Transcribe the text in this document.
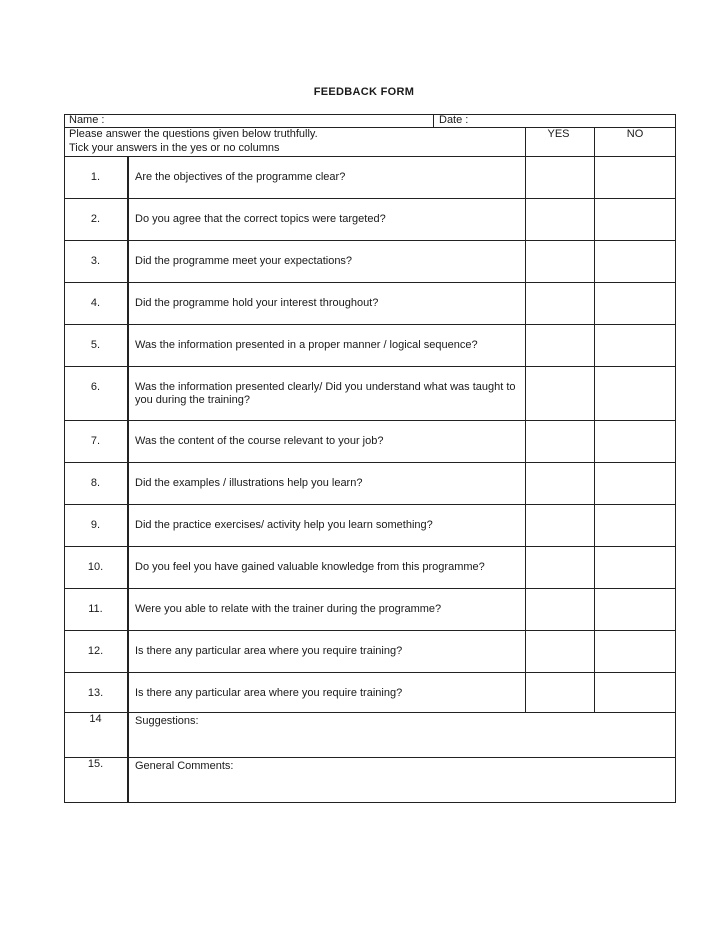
FEEDBACK FORM
Name :	Date :
Please answer the questions given below truthfully.
Tick your answers in the yes or no columns
YES	NO
1.	Are the objectives of the programme clear?
2.	Do you agree that the correct topics were targeted?
3.	Did the programme meet your expectations?
4.	Did the programme hold your interest throughout?
5.	Was the information presented in a proper manner / logical sequence?
6.	Was the information presented clearly/ Did you understand what was taught to you during the training?
7.	Was the content of the course relevant to your job?
8.	Did the examples / illustrations help you learn?
9.	Did the practice exercises/ activity help you learn something?
10.	Do you feel you have gained valuable knowledge from this programme?
11.	Were you able to relate with the trainer during the programme?
12.	Is there any particular area where you require training?
13.	Is there any particular area where you require training?
14	Suggestions:
15.	General Comments:
